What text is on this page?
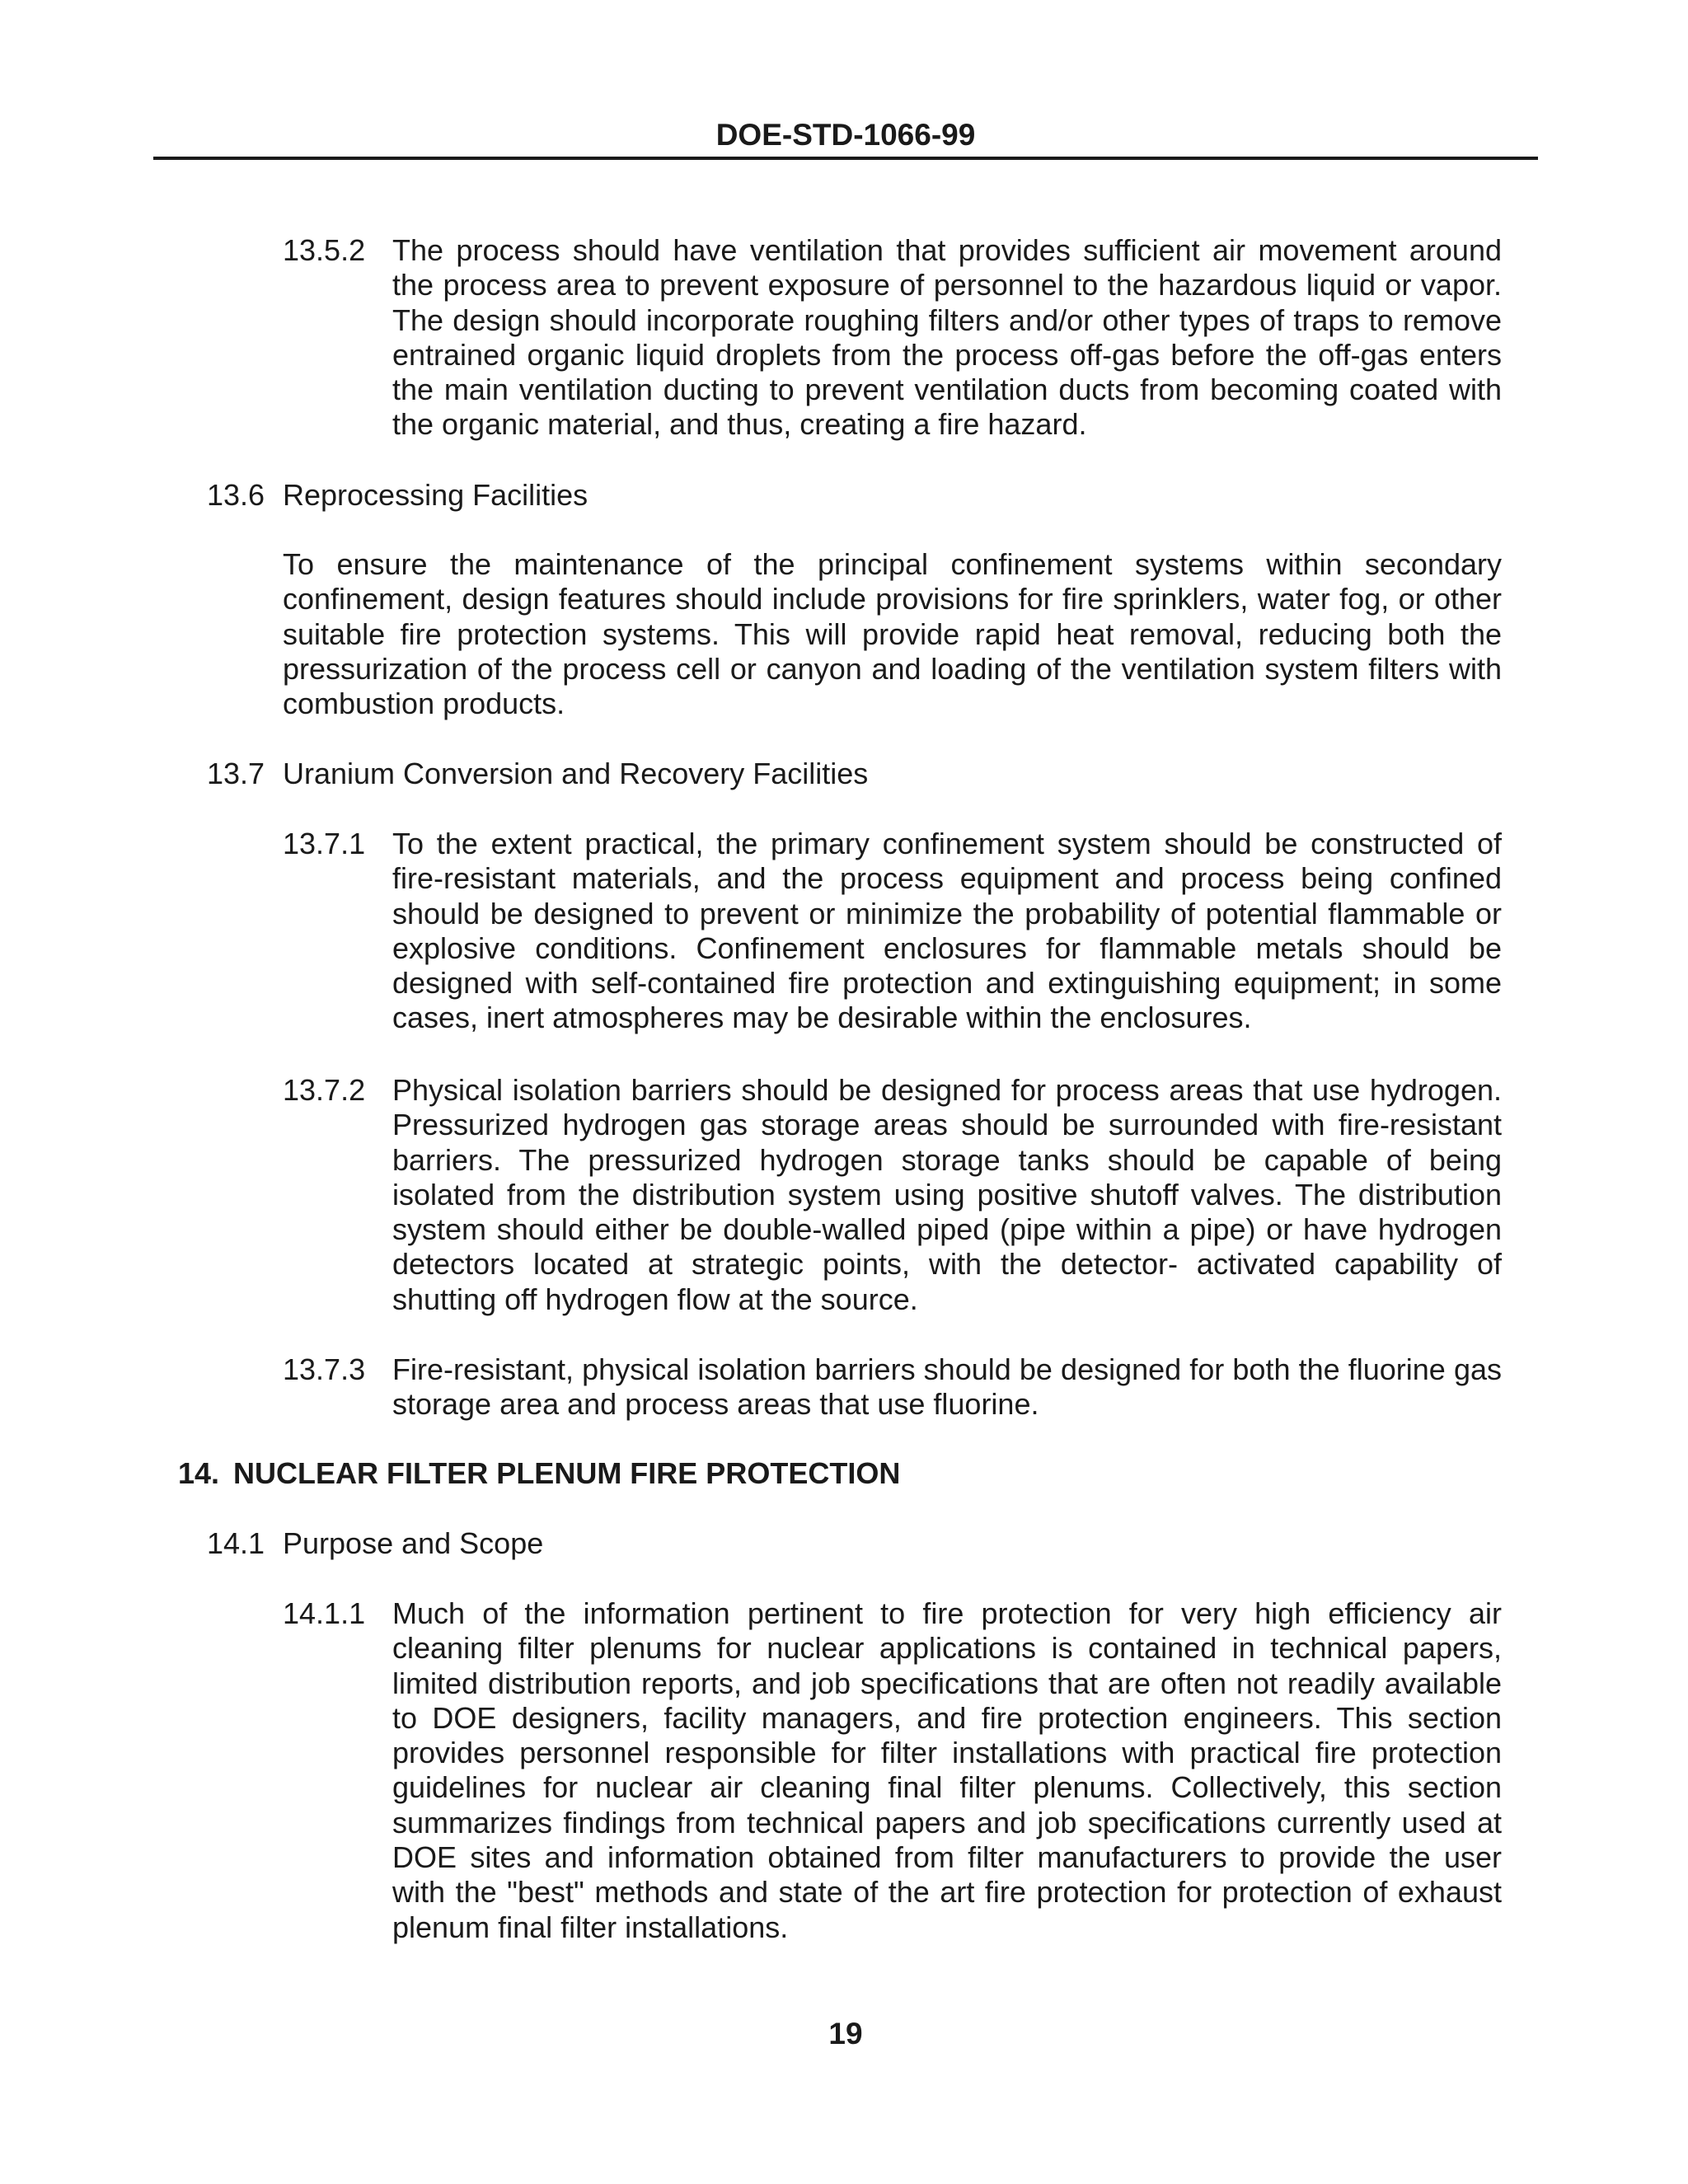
DOE-STD-1066-99
13.5.2 The process should have ventilation that provides sufficient air movement around the process area to prevent exposure of personnel to the hazardous liquid or vapor. The design should incorporate roughing filters and/or other types of traps to remove entrained organic liquid droplets from the process off-gas before the off-gas enters the main ventilation ducting to prevent ventilation ducts from becoming coated with the organic material, and thus, creating a fire hazard.
13.6 Reprocessing Facilities
To ensure the maintenance of the principal confinement systems within secondary confinement, design features should include provisions for fire sprinklers, water fog, or other suitable fire protection systems. This will provide rapid heat removal, reducing both the pressurization of the process cell or canyon and loading of the ventilation system filters with combustion products.
13.7 Uranium Conversion and Recovery Facilities
13.7.1 To the extent practical, the primary confinement system should be constructed of fire-resistant materials, and the process equipment and process being confined should be designed to prevent or minimize the probability of potential flammable or explosive conditions. Confinement enclosures for flammable metals should be designed with self-contained fire protection and extinguishing equipment; in some cases, inert atmospheres may be desirable within the enclosures.
13.7.2 Physical isolation barriers should be designed for process areas that use hydrogen. Pressurized hydrogen gas storage areas should be surrounded with fire-resistant barriers. The pressurized hydrogen storage tanks should be capable of being isolated from the distribution system using positive shutoff valves. The distribution system should either be double-walled piped (pipe within a pipe) or have hydrogen detectors located at strategic points, with the detector- activated capability of shutting off hydrogen flow at the source.
13.7.3 Fire-resistant, physical isolation barriers should be designed for both the fluorine gas storage area and process areas that use fluorine.
14. NUCLEAR FILTER PLENUM FIRE PROTECTION
14.1 Purpose and Scope
14.1.1 Much of the information pertinent to fire protection for very high efficiency air cleaning filter plenums for nuclear applications is contained in technical papers, limited distribution reports, and job specifications that are often not readily available to DOE designers, facility managers, and fire protection engineers. This section provides personnel responsible for filter installations with practical fire protection guidelines for nuclear air cleaning final filter plenums. Collectively, this section summarizes findings from technical papers and job specifications currently used at DOE sites and information obtained from filter manufacturers to provide the user with the "best" methods and state of the art fire protection for protection of exhaust plenum final filter installations.
19
